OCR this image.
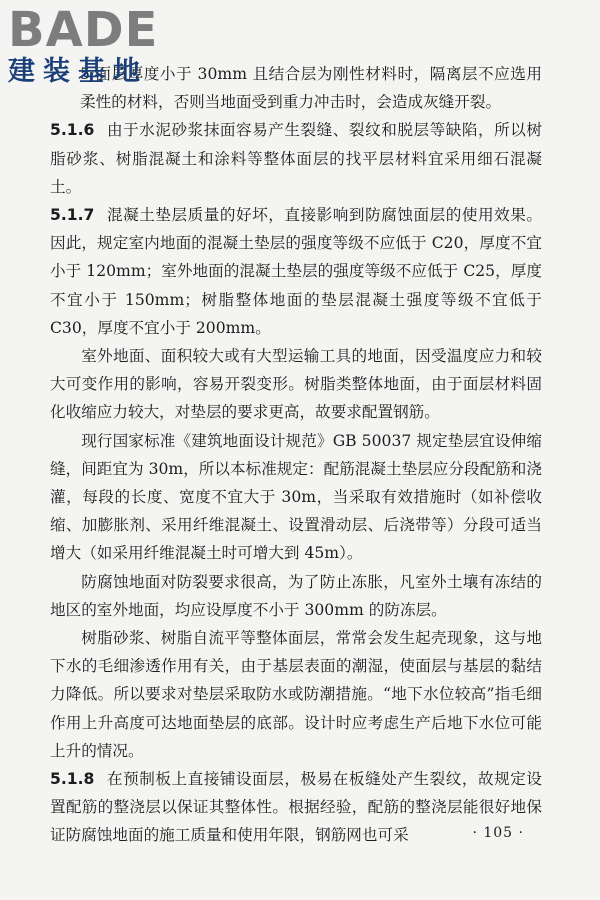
BADE
建装基地

5 面层厚度小于 30mm 且结合层为刚性材料时，隔离层不应选用柔性的材料，否则当地面受到重力冲击时，会造成灰缝开裂。

5.1.6 由于水泥砂浆抹面容易产生裂缝、裂纹和脱层等缺陷，所以树脂砂浆、树脂混凝土和涂料等整体面层的找平层材料宜采用细石混凝土。

5.1.7 混凝土垫层质量的好坏，直接影响到防腐蚀面层的使用效果。因此，规定室内地面的混凝土垫层的强度等级不应低于 C20，厚度不宜小于 120mm；室外地面的混凝土垫层的强度等级不应低于 C25，厚度不宜小于 150mm；树脂整体地面的垫层混凝土强度等级不宜低于 C30，厚度不宜小于 200mm。

室外地面、面积较大或有大型运输工具的地面，因受温度应力和较大可变作用的影响，容易开裂变形。树脂类整体地面，由于面层材料固化收缩应力较大，对垫层的要求更高，故要求配置钢筋。

现行国家标准《建筑地面设计规范》GB 50037 规定垫层宜设伸缩缝，间距宜为 30m，所以本标准规定：配筋混凝土垫层应分段配筋和浇灌，每段的长度、宽度不宜大于 30m，当采取有效措施时（如补偿收缩、加膨胀剂、采用纤维混凝土、设置滑动层、后浇带等）分段可适当增大（如采用纤维混凝土时可增大到 45m）。

防腐蚀地面对防裂要求很高，为了防止冻胀，凡室外土壤有冻结的地区的室外地面，均应设厚度不小于 300mm 的防冻层。

树脂砂浆、树脂自流平等整体面层，常常会发生起壳现象，这与地下水的毛细渗透作用有关，由于基层表面的潮湿，使面层与基层的黏结力降低。所以要求对垫层采取防水或防潮措施。“地下水位较高”指毛细作用上升高度可达地面垫层的底部。设计时应考虑生产后地下水位可能上升的情况。

5.1.8 在预制板上直接铺设面层，极易在板缝处产生裂纹，故规定设置配筋的整浇层以保证其整体性。根据经验，配筋的整浇层能很好地保证防腐蚀地面的施工质量和使用年限，钢筋网也可采	· 105 ·
